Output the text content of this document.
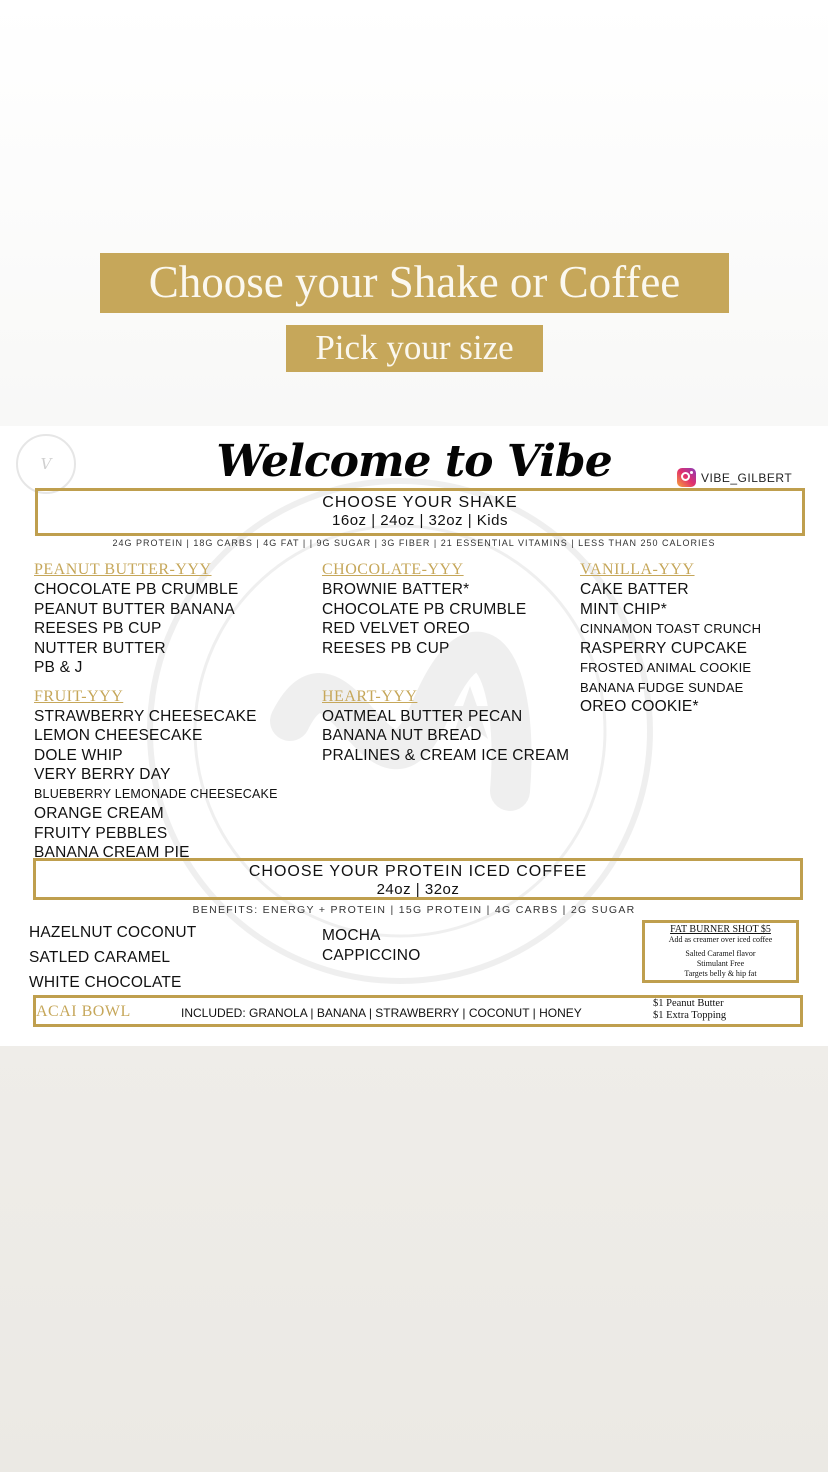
Choose your Shake or Coffee
Pick your size
V	Welcome to Vibe	VIBE_GILBERT
CHOOSE YOUR SHAKE
16oz | 24oz | 32oz | Kids
24G PROTEIN | 18G CARBS | 4G FAT | | 9G SUGAR | 3G FIBER | 21 ESSENTIAL VITAMINS | LESS THAN 250 CALORIES
PEANUT BUTTER-YYY
CHOCOLATE PB CRUMBLE
PEANUT BUTTER BANANA
REESES PB CUP
NUTTER BUTTER
PB & J
FRUIT-YYY
STRAWBERRY CHEESECAKE
LEMON CHEESECAKE
DOLE WHIP
VERY BERRY DAY
BLUEBERRY LEMONADE CHEESECAKE
ORANGE CREAM
FRUITY PEBBLES
BANANA CREAM PIE
CHOCOLATE-YYY
BROWNIE BATTER*
CHOCOLATE PB CRUMBLE
RED VELVET OREO
REESES PB CUP
HEART-YYY
OATMEAL BUTTER PECAN
BANANA NUT BREAD
PRALINES & CREAM ICE CREAM
VANILLA-YYY
CAKE BATTER
MINT CHIP*
CINNAMON TOAST CRUNCH
RASPERRY CUPCAKE
FROSTED ANIMAL COOKIE
BANANA FUDGE SUNDAE
OREO COOKIE*
CHOOSE YOUR PROTEIN ICED COFFEE
24oz | 32oz
BENEFITS: ENERGY + PROTEIN | 15G PROTEIN | 4G CARBS | 2G SUGAR
HAZELNUT COCONUT
SATLED CARAMEL
WHITE CHOCOLATE
MOCHA
CAPPICCINO
FAT BURNER SHOT $5
Add as creamer over iced coffee
Salted Caramel flavor
Stimulant Free
Targets belly & hip fat
ACAI BOWL	INCLUDED: GRANOLA | BANANA | STRAWBERRY | COCONUT | HONEY
$1 Peanut Butter
$1 Extra Topping
